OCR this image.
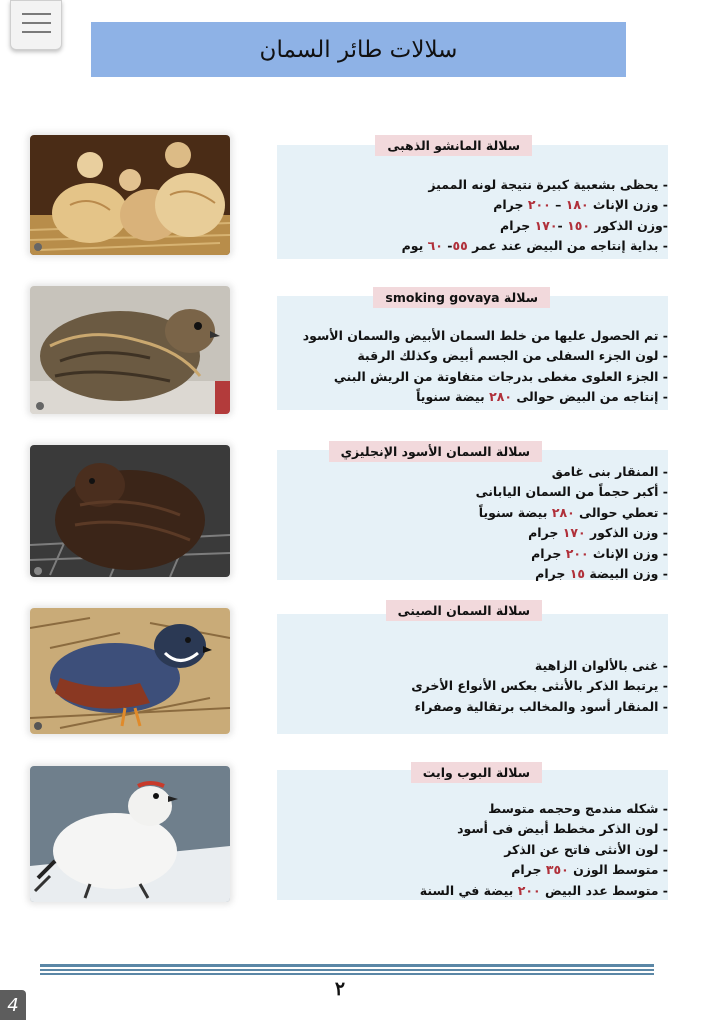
سلالات طائر السمان
سلالة المانشو الذهبى
- يحظى بشعبية كبيرة نتيجة لونه المميز
- وزن الإناث ١٨٠ – ٢٠٠ جرام
-وزن الذكور ١٥٠ -١٧٠ جرام
- بداية إنتاجه من البيض عند عمر ٥٥- ٦٠ يوم
سلالة smoking govaya
- تم الحصول عليها من خلط السمان الأبيض والسمان الأسود
- لون الجزء السفلى من الجسم أبيض وكذلك الرقبة
- الجزء العلوى مغطى بدرجات متفاوتة من الريش البني
- إنتاجه من البيض حوالى ٢٨٠ بيضة سنوياً
سلالة السمان الأسود الإنجليزي
- المنقار بنى غامق
- أكبر حجماً من السمان اليابانى
- تعطي حوالى ٢٨٠ بيضة سنوياً
- وزن الذكور ١٧٠ جرام
- وزن الإناث ٢٠٠ جرام
- وزن البيضة ١٥ جرام
سلالة السمان الصينى
- غنى بالألوان الزاهية
- يرتبط الذكر بالأنثى بعكس الأنواع الأخرى
- المنقار أسود والمخالب برتقالية وصفراء
سلالة البوب وايت
- شكله مندمج وحجمه متوسط
- لون الذكر مخطط أبيض فى أسود
- لون الأنثى فاتح عن الذكر
- متوسط الوزن ٣٥٠ جرام
- متوسط عدد البيض ٢٠٠ بيضة في السنة
٢
4
